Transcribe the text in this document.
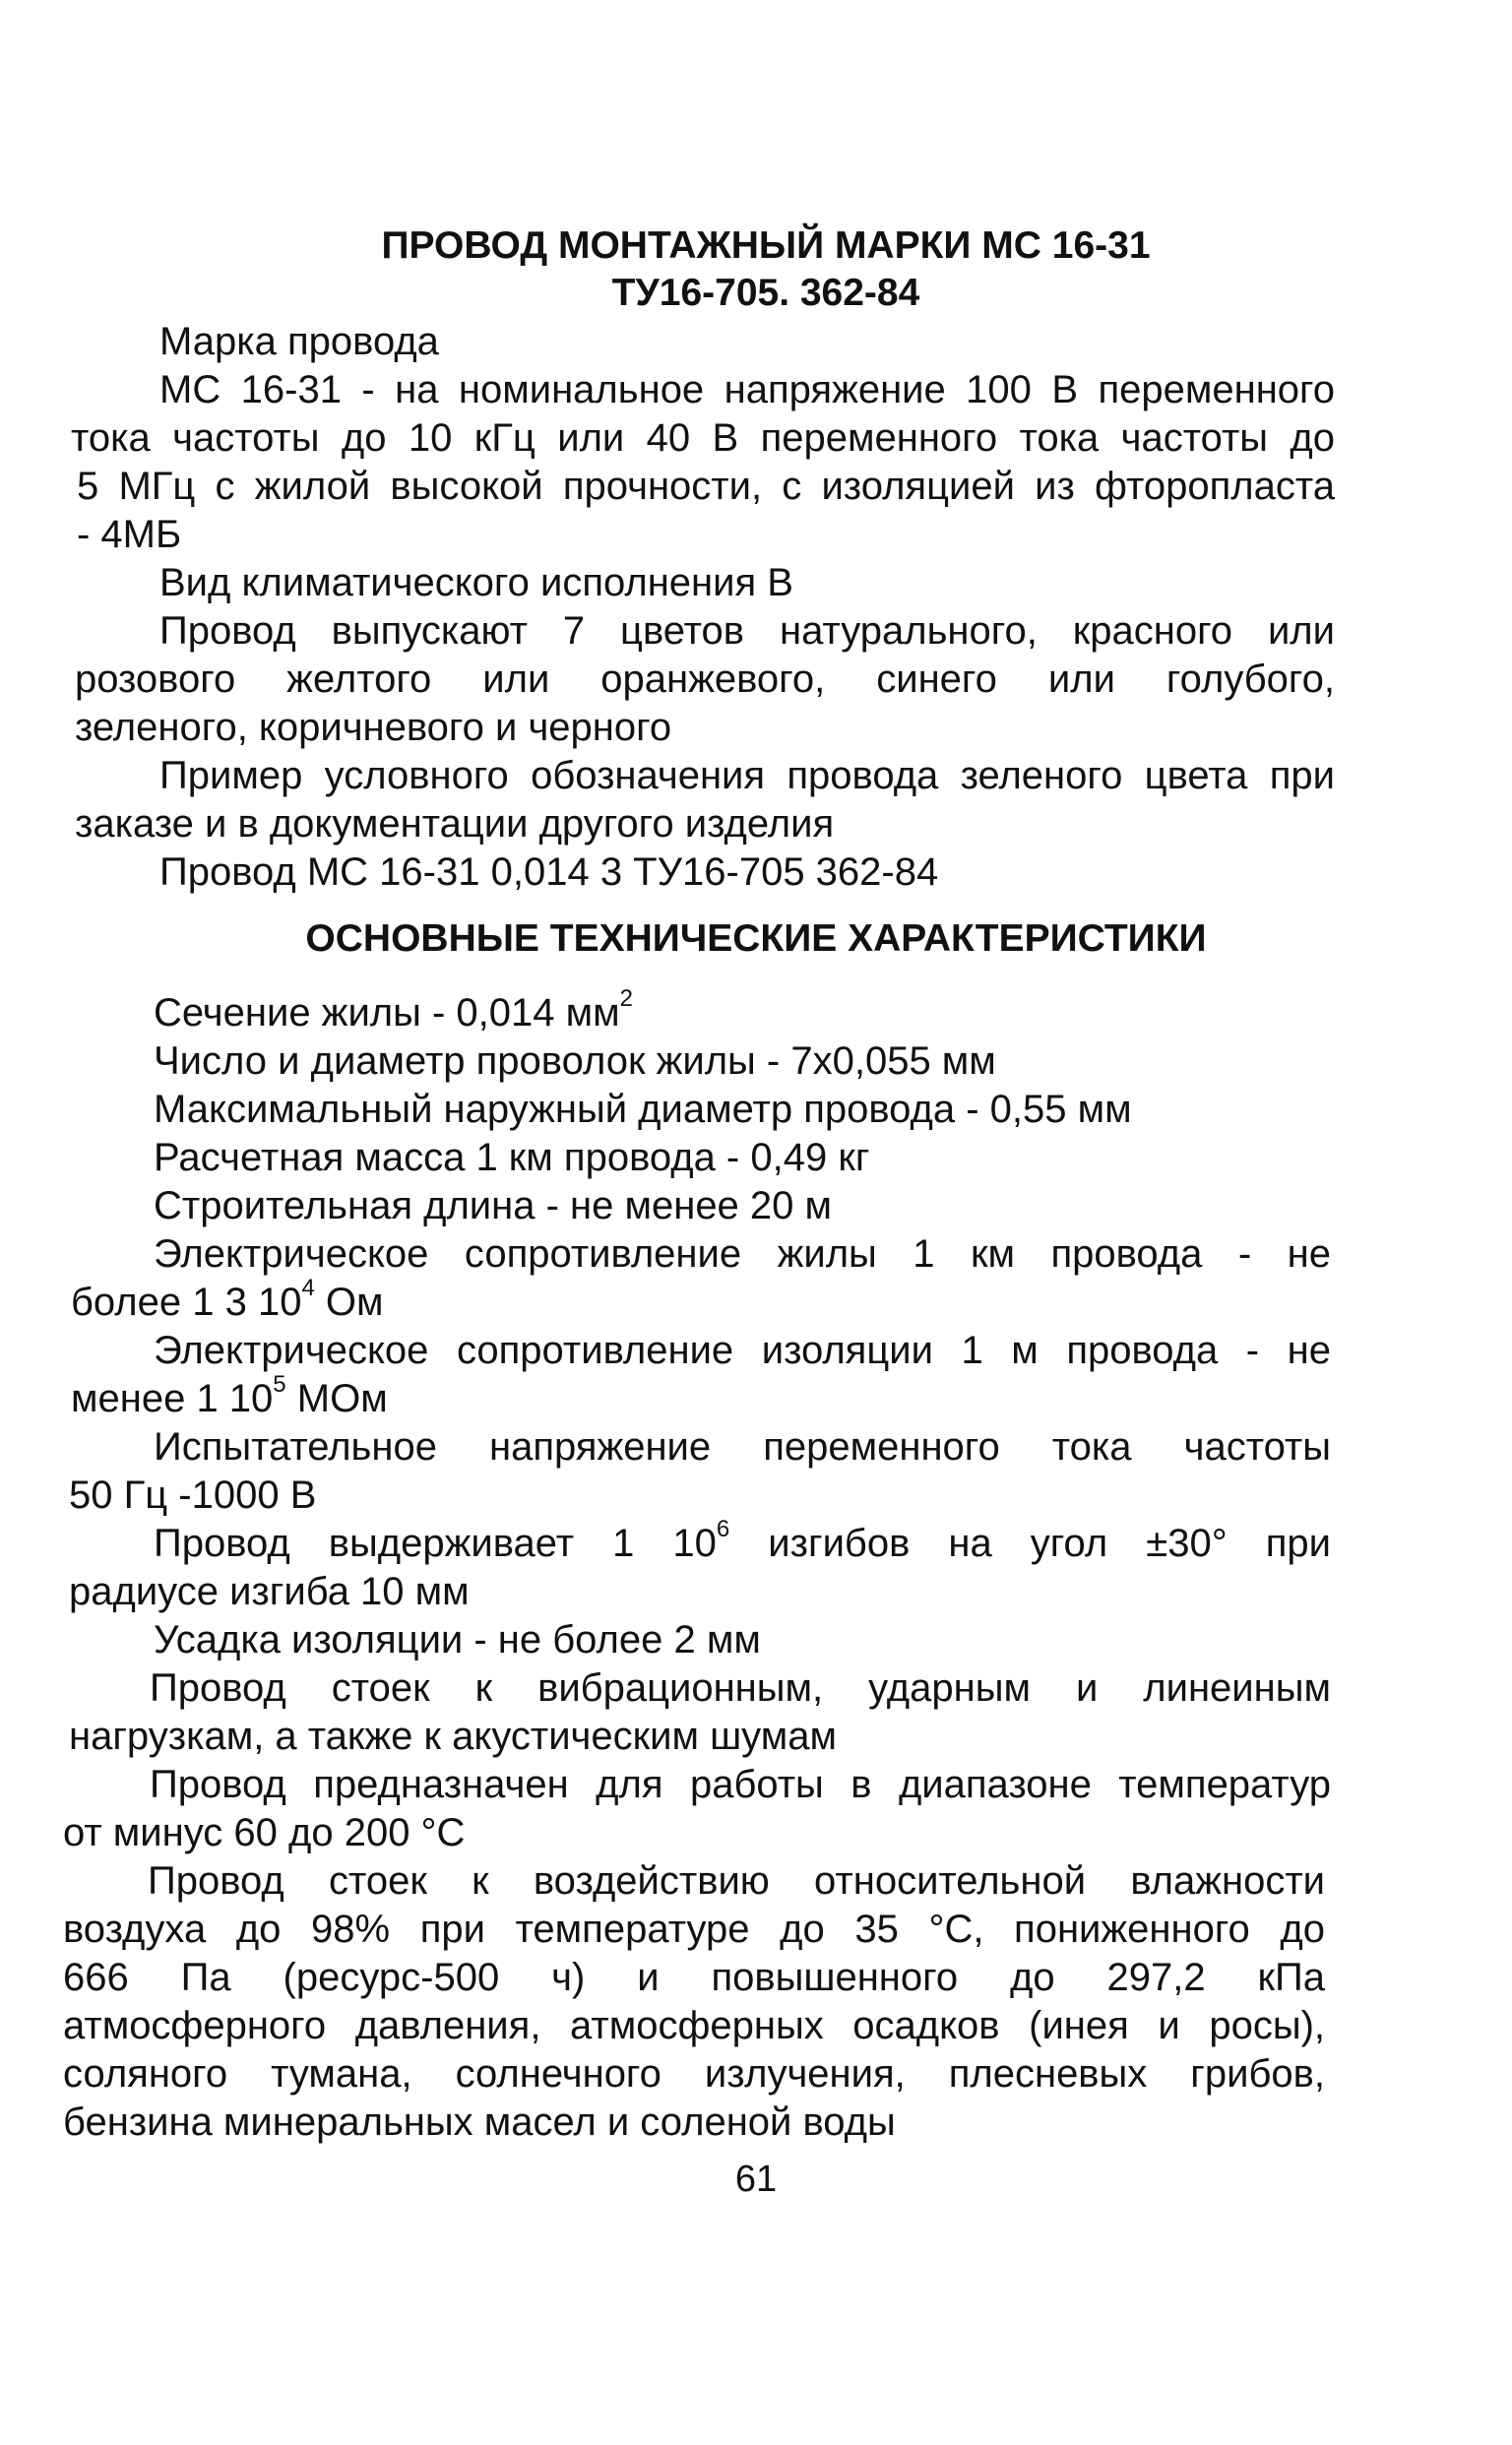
ПРОВОД МОНТАЖНЫЙ МАРКИ МС 16-31
ТУ16-705. 362-84
Марка провода
МС 16-31 - на номинальное напряжение 100 В переменного
тока частоты до 10 кГц или 40 В переменного тока частоты до
5 МГц с жилой высокой прочности, с изоляцией из фторопласта
- 4МБ
Вид климатического исполнения В
Провод выпускают 7 цветов натурального, красного или
розового желтого или оранжевого, синего или голубого,
зеленого, коричневого и черного
Пример условного обозначения провода зеленого цвета при
заказе и в документации другого изделия
Провод МС 16-31 0,014 3 ТУ16-705 362-84
ОСНОВНЫЕ ТЕХНИЧЕСКИЕ ХАРАКТЕРИСТИКИ
Сечение жилы - 0,014 $мм^2$
Число и диаметр проволок жилы - 7х0,055 мм
Максимальный наружный диаметр провода - 0,55 мм
Расчетная масса 1 км провода - 0,49 кг
Строительная длина - не менее 20 м
Электрическое сопротивление жилы 1 км провода - не
более 1 3 $10^4$ Ом
Электрическое сопротивление изоляции 1 м провода - не
менее 1 $10^5$ МОм
Испытательное напряжение переменного тока частоты
50 Гц -1000 В
Провод выдерживает 1 $10^6$ изгибов на угол ±30° при
радиусе изгиба 10 мм
Усадка изоляции - не более 2 мм
Провод стоек к вибрационным, ударным и линеиным
нагрузкам, а также к акустическим шумам
Провод предназначен для работы в диапазоне температур
от минус 60 до 200 °С
Провод стоек к воздействию относительной влажности
воздуха до 98% при температуре до 35 °С, пониженного до
666 Па (ресурс-500 ч) и повышенного до 297,2 кПа
атмосферного давления, атмосферных осадков (инея и росы),
соляного тумана, солнечного излучения, плесневых грибов,
бензина минеральных масел и соленой воды
61
